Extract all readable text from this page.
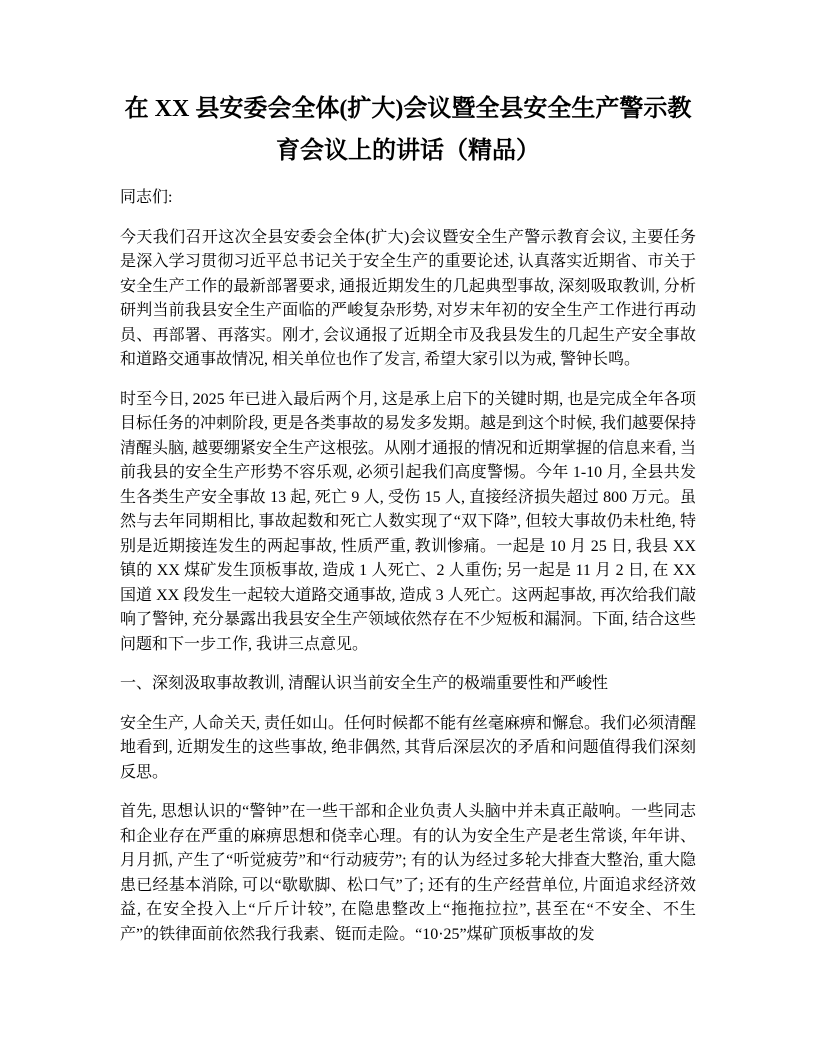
在 XX 县安委会全体(扩大)会议暨全县安全生产警示教育会议上的讲话（精品）

同志们:

今天我们召开这次全县安委会全体(扩大)会议暨安全生产警示教育会议, 主要任务是深入学习贯彻习近平总书记关于安全生产的重要论述, 认真落实近期省、市关于安全生产工作的最新部署要求, 通报近期发生的几起典型事故, 深刻吸取教训, 分析研判当前我县安全生产面临的严峻复杂形势, 对岁末年初的安全生产工作进行再动员、再部署、再落实。刚才, 会议通报了近期全市及我县发生的几起生产安全事故和道路交通事故情况, 相关单位也作了发言, 希望大家引以为戒, 警钟长鸣。

时至今日, 2025 年已进入最后两个月, 这是承上启下的关键时期, 也是完成全年各项目标任务的冲刺阶段, 更是各类事故的易发多发期。越是到这个时候, 我们越要保持清醒头脑, 越要绷紧安全生产这根弦。从刚才通报的情况和近期掌握的信息来看, 当前我县的安全生产形势不容乐观, 必须引起我们高度警惕。今年 1-10 月, 全县共发生各类生产安全事故 13 起, 死亡 9 人, 受伤 15 人, 直接经济损失超过 800 万元。虽然与去年同期相比, 事故起数和死亡人数实现了“双下降”, 但较大事故仍未杜绝, 特别是近期接连发生的两起事故, 性质严重, 教训惨痛。一起是 10 月 25 日, 我县 XX 镇的 XX 煤矿发生顶板事故, 造成 1 人死亡、2 人重伤; 另一起是 11 月 2 日, 在 XX 国道 XX 段发生一起较大道路交通事故, 造成 3 人死亡。这两起事故, 再次给我们敲响了警钟, 充分暴露出我县安全生产领域依然存在不少短板和漏洞。下面, 结合这些问题和下一步工作, 我讲三点意见。

一、深刻汲取事故教训, 清醒认识当前安全生产的极端重要性和严峻性

安全生产, 人命关天, 责任如山。任何时候都不能有丝毫麻痹和懈怠。我们必须清醒地看到, 近期发生的这些事故, 绝非偶然, 其背后深层次的矛盾和问题值得我们深刻反思。

首先, 思想认识的“警钟”在一些干部和企业负责人头脑中并未真正敲响。一些同志和企业存在严重的麻痹思想和侥幸心理。有的认为安全生产是老生常谈, 年年讲、月月抓, 产生了“听觉疲劳”和“行动疲劳”; 有的认为经过多轮大排查大整治, 重大隐患已经基本消除, 可以“歇歇脚、松口气”了; 还有的生产经营单位, 片面追求经济效益, 在安全投入上“斤斤计较”, 在隐患整改上“拖拖拉拉”, 甚至在“不安全、不生产”的铁律面前依然我行我素、铤而走险。“10·25”煤矿顶板事故的发
